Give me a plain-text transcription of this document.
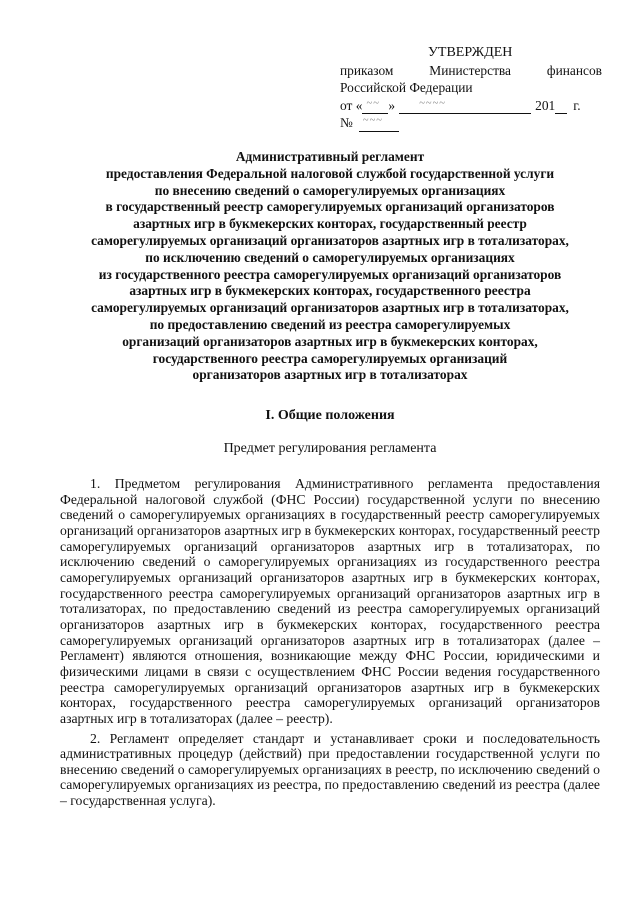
УТВЕРЖДЕН
приказом	Министерства	финансов
Российской Федерации
от « ~~ » ~~~~	201 г.
№ ~~~
Административный регламент
предоставления Федеральной налоговой службой государственной услуги
по внесению сведений о саморегулируемых организациях
в государственный реестр саморегулируемых организаций организаторов
азартных игр в букмекерских конторах, государственный реестр
саморегулируемых организаций организаторов азартных игр в тотализаторах,
по исключению сведений о саморегулируемых организациях
из государственного реестра саморегулируемых организаций организаторов
азартных игр в букмекерских конторах, государственного реестра
саморегулируемых организаций организаторов азартных игр в тотализаторах,
по предоставлению сведений из реестра саморегулируемых
организаций организаторов азартных игр в букмекерских конторах,
государственного реестра саморегулируемых организаций
организаторов азартных игр в тотализаторах
I. Общие положения
Предмет регулирования регламента

1. Предметом регулирования Административного регламента предоставления Федеральной налоговой службой (ФНС России) государственной услуги по внесению сведений о саморегулируемых организациях в государственный реестр саморегулируемых организаций организаторов азартных игр в букмекерских конторах, государственный реестр саморегулируемых организаций организаторов азартных игр в тотализаторах, по исключению сведений о саморегулируемых организациях из государственного реестра саморегулируемых организаций организаторов азартных игр в букмекерских конторах, государственного реестра саморегулируемых организаций организаторов азартных игр в тотализаторах, по предоставлению сведений из реестра саморегулируемых организаций организаторов азартных игр в букмекерских конторах, государственного реестра саморегулируемых организаций организаторов азартных игр в тотализаторах (далее – Регламент) являются отношения, возникающие между ФНС России, юридическими и физическими лицами в связи с осуществлением ФНС России ведения государственного реестра саморегулируемых организаций организаторов азартных игр в букмекерских конторах, государственного реестра саморегулируемых организаций организаторов азартных игр в тотализаторах (далее – реестр).

2. Регламент определяет стандарт и устанавливает сроки и последовательность административных процедур (действий) при предоставлении государственной услуги по внесению сведений о саморегулируемых организациях в реестр, по исключению сведений о саморегулируемых организациях из реестра, по предоставлению сведений из реестра (далее – государственная услуга).
